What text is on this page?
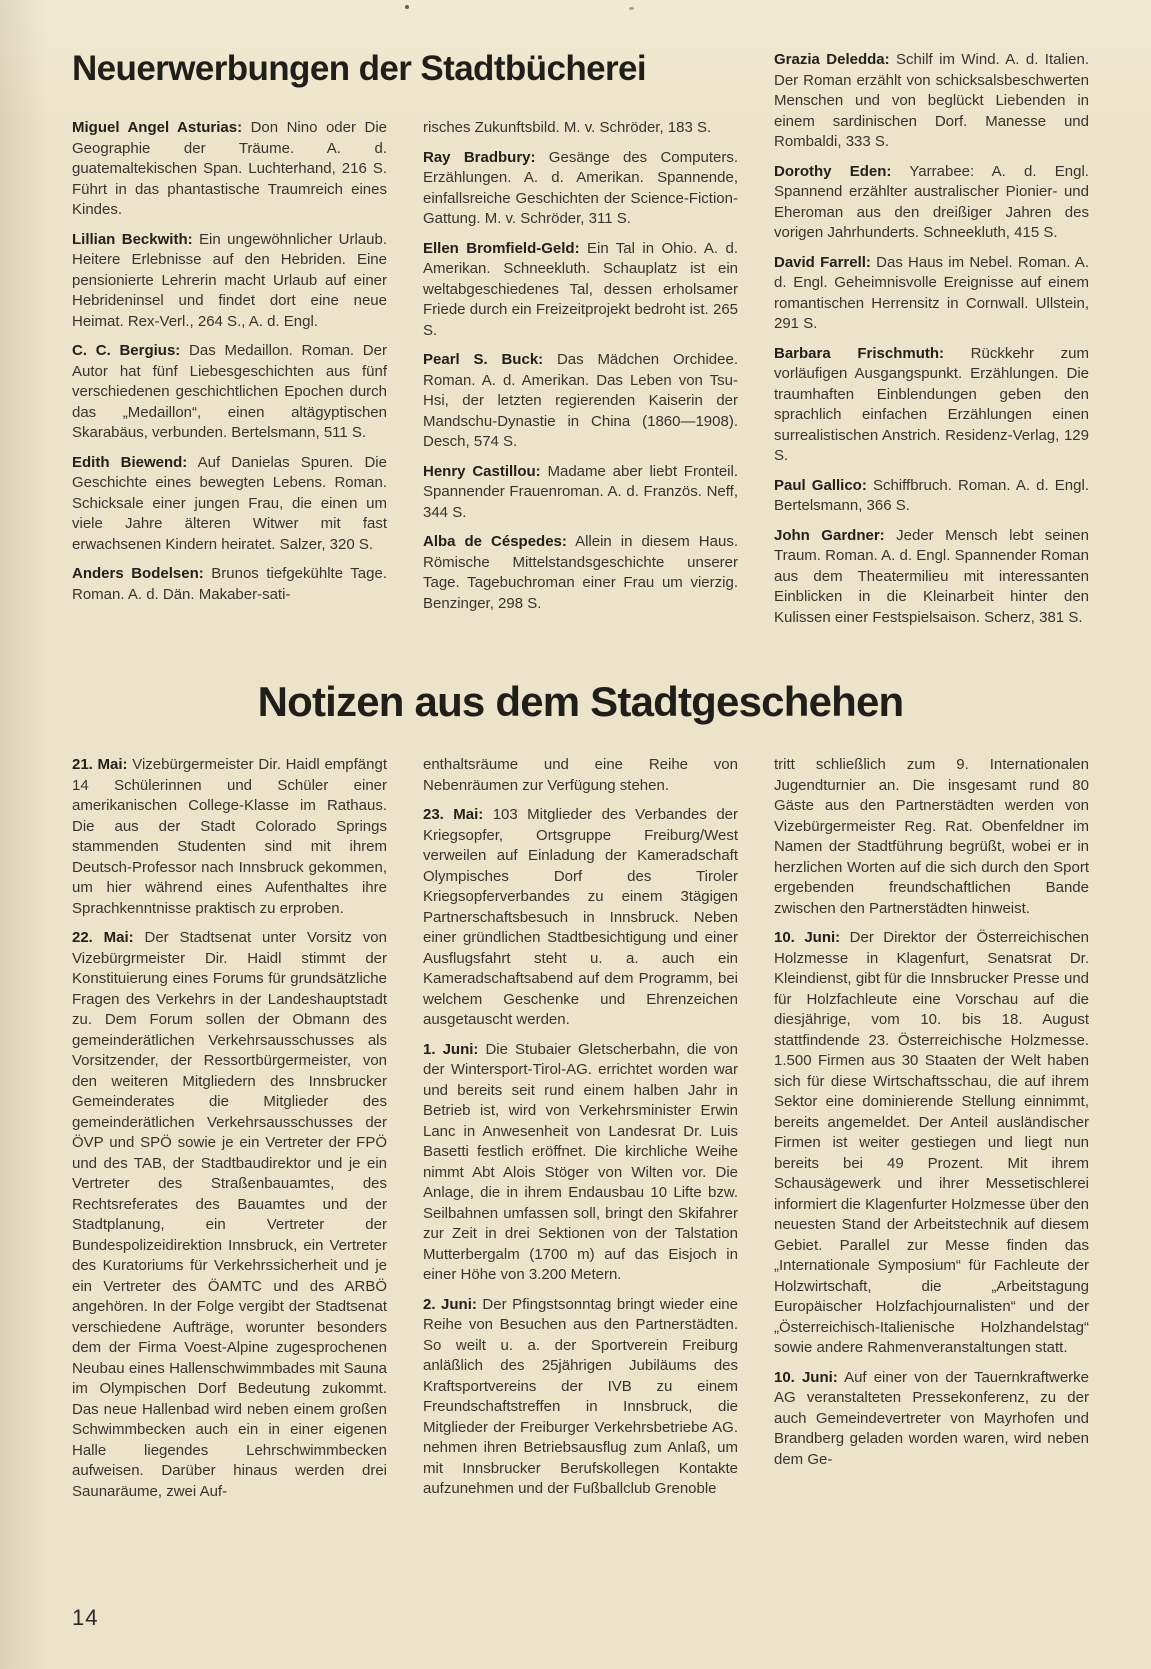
Neuerwerbungen der Stadtbücherei

Miguel Angel Asturias: Don Nino oder Die Geographie der Träume. A. d. guatemaltekischen Span. Luchterhand, 216 S. Führt in das phantastische Traumreich eines Kindes.

Lillian Beckwith: Ein ungewöhnlicher Urlaub. Heitere Erlebnisse auf den Hebriden. Eine pensionierte Lehrerin macht Urlaub auf einer Hebrideninsel und findet dort eine neue Heimat. Rex-Verl., 264 S., A. d. Engl.

C. C. Bergius: Das Medaillon. Roman. Der Autor hat fünf Liebesgeschichten aus fünf verschiedenen geschichtlichen Epochen durch das „Medaillon“, einen altägyptischen Skarabäus, verbunden. Bertelsmann, 511 S.

Edith Biewend: Auf Danielas Spuren. Die Geschichte eines bewegten Lebens. Roman. Schicksale einer jungen Frau, die einen um viele Jahre älteren Witwer mit fast erwachsenen Kindern heiratet. Salzer, 320 S.

Anders Bodelsen: Brunos tiefgekühlte Tage. Roman. A. d. Dän. Makaber-sati-

risches Zukunftsbild. M. v. Schröder, 183 S.

Ray Bradbury: Gesänge des Computers. Erzählungen. A. d. Amerikan. Spannende, einfallsreiche Geschichten der Science-Fiction-Gattung. M. v. Schröder, 311 S.

Ellen Bromfield-Geld: Ein Tal in Ohio. A. d. Amerikan. Schneekluth. Schauplatz ist ein weltabgeschiedenes Tal, dessen erholsamer Friede durch ein Freizeitprojekt bedroht ist. 265 S.

Pearl S. Buck: Das Mädchen Orchidee. Roman. A. d. Amerikan. Das Leben von Tsu-Hsi, der letzten regierenden Kaiserin der Mandschu-Dynastie in China (1860—1908). Desch, 574 S.

Henry Castillou: Madame aber liebt Fronteil. Spannender Frauenroman. A. d. Französ. Neff, 344 S.

Alba de Céspedes: Allein in diesem Haus. Römische Mittelstandsgeschichte unserer Tage. Tagebuchroman einer Frau um vierzig. Benzinger, 298 S.

Grazia Deledda: Schilf im Wind. A. d. Italien. Der Roman erzählt von schicksalsbeschwerten Menschen und von beglückt Liebenden in einem sardinischen Dorf. Manesse und Rombaldi, 333 S.

Dorothy Eden: Yarrabee: A. d. Engl. Spannend erzählter australischer Pionier- und Eheroman aus den dreißiger Jahren des vorigen Jahrhunderts. Schneekluth, 415 S.

David Farrell: Das Haus im Nebel. Roman. A. d. Engl. Geheimnisvolle Ereignisse auf einem romantischen Herrensitz in Cornwall. Ullstein, 291 S.

Barbara Frischmuth: Rückkehr zum vorläufigen Ausgangspunkt. Erzählungen. Die traumhaften Einblendungen geben den sprachlich einfachen Erzählungen einen surrealistischen Anstrich. Residenz-Verlag, 129 S.

Paul Gallico: Schiffbruch. Roman. A. d. Engl. Bertelsmann, 366 S.

John Gardner: Jeder Mensch lebt seinen Traum. Roman. A. d. Engl. Spannender Roman aus dem Theatermilieu mit interessanten Einblicken in die Kleinarbeit hinter den Kulissen einer Festspielsaison. Scherz, 381 S.

Notizen aus dem Stadtgeschehen

21. Mai: Vizebürgermeister Dir. Haidl empfängt 14 Schülerinnen und Schüler einer amerikanischen College-Klasse im Rathaus. Die aus der Stadt Colorado Springs stammenden Studenten sind mit ihrem Deutsch-Professor nach Innsbruck gekommen, um hier während eines Aufenthaltes ihre Sprachkenntnisse praktisch zu erproben.

22. Mai: Der Stadtsenat unter Vorsitz von Vizebürgrmeister Dir. Haidl stimmt der Konstituierung eines Forums für grundsätzliche Fragen des Verkehrs in der Landeshauptstadt zu. Dem Forum sollen der Obmann des gemeinderätlichen Verkehrsausschusses als Vorsitzender, der Ressortbürgermeister, von den weiteren Mitgliedern des Innsbrucker Gemeinderates die Mitglieder des gemeinderätlichen Verkehrsausschusses der ÖVP und SPÖ sowie je ein Vertreter der FPÖ und des TAB, der Stadtbaudirektor und je ein Vertreter des Straßenbauamtes, des Rechtsreferates des Bauamtes und der Stadtplanung, ein Vertreter der Bundespolizeidirektion Innsbruck, ein Vertreter des Kuratoriums für Verkehrssicherheit und je ein Vertreter des ÖAMTC und des ARBÖ angehören. In der Folge vergibt der Stadtsenat verschiedene Aufträge, worunter besonders dem der Firma Voest-Alpine zugesprochenen Neubau eines Hallenschwimmbades mit Sauna im Olympischen Dorf Bedeutung zukommt. Das neue Hallenbad wird neben einem großen Schwimmbecken auch ein in einer eigenen Halle liegendes Lehrschwimmbecken aufweisen. Darüber hinaus werden drei Saunaräume, zwei Auf-

enthaltsräume und eine Reihe von Nebenräumen zur Verfügung stehen.

23. Mai: 103 Mitglieder des Verbandes der Kriegsopfer, Ortsgruppe Freiburg/West verweilen auf Einladung der Kameradschaft Olympisches Dorf des Tiroler Kriegsopferverbandes zu einem 3tägigen Partnerschaftsbesuch in Innsbruck. Neben einer gründlichen Stadtbesichtigung und einer Ausflugsfahrt steht u. a. auch ein Kameradschaftsabend auf dem Programm, bei welchem Geschenke und Ehrenzeichen ausgetauscht werden.

1. Juni: Die Stubaier Gletscherbahn, die von der Wintersport-Tirol-AG. errichtet worden war und bereits seit rund einem halben Jahr in Betrieb ist, wird von Verkehrsminister Erwin Lanc in Anwesenheit von Landesrat Dr. Luis Basetti festlich eröffnet. Die kirchliche Weihe nimmt Abt Alois Stöger von Wilten vor. Die Anlage, die in ihrem Endausbau 10 Lifte bzw. Seilbahnen umfassen soll, bringt den Skifahrer zur Zeit in drei Sektionen von der Talstation Mutterbergalm (1700 m) auf das Eisjoch in einer Höhe von 3.200 Metern.

2. Juni: Der Pfingstsonntag bringt wieder eine Reihe von Besuchen aus den Partnerstädten. So weilt u. a. der Sportverein Freiburg anläßlich des 25jährigen Jubiläums des Kraftsportvereins der IVB zu einem Freundschaftstreffen in Innsbruck, die Mitglieder der Freiburger Verkehrsbetriebe AG. nehmen ihren Betriebsausflug zum Anlaß, um mit Innsbrucker Berufskollegen Kontakte aufzunehmen und der Fußballclub Grenoble

tritt schließlich zum 9. Internationalen Jugendturnier an. Die insgesamt rund 80 Gäste aus den Partnerstädten werden von Vizebürgermeister Reg. Rat. Obenfeldner im Namen der Stadtführung begrüßt, wobei er in herzlichen Worten auf die sich durch den Sport ergebenden freundschaftlichen Bande zwischen den Partnerstädten hinweist.

10. Juni: Der Direktor der Österreichischen Holzmesse in Klagenfurt, Senatsrat Dr. Kleindienst, gibt für die Innsbrucker Presse und für Holzfachleute eine Vorschau auf die diesjährige, vom 10. bis 18. August stattfindende 23. Österreichische Holzmesse. 1.500 Firmen aus 30 Staaten der Welt haben sich für diese Wirtschaftsschau, die auf ihrem Sektor eine dominierende Stellung einnimmt, bereits angemeldet. Der Anteil ausländischer Firmen ist weiter gestiegen und liegt nun bereits bei 49 Prozent. Mit ihrem Schausägewerk und ihrer Messetischlerei informiert die Klagenfurter Holzmesse über den neuesten Stand der Arbeitstechnik auf diesem Gebiet. Parallel zur Messe finden das „Internationale Symposium“ für Fachleute der Holzwirtschaft, die „Arbeitstagung Europäischer Holzfachjournalisten“ und der „Österreichisch-Italienische Holzhandelstag“ sowie andere Rahmenveranstaltungen statt.

10. Juni: Auf einer von der Tauernkraftwerke AG veranstalteten Pressekonferenz, zu der auch Gemeindevertreter von Mayrhofen und Brandberg geladen worden waren, wird neben dem Ge-

14
